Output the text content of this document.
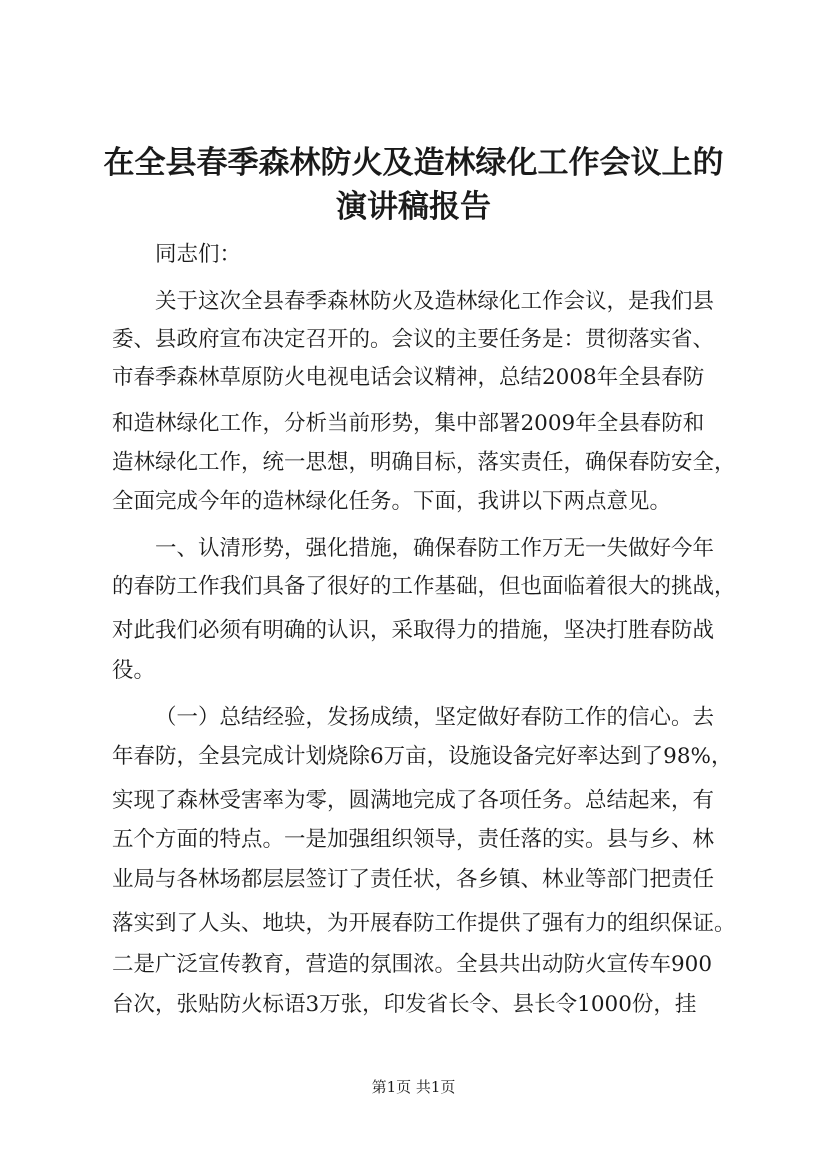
在全县春季森林防火及造林绿化工作会议上的
演讲稿报告
同志们：
关于这次全县春季森林防火及造林绿化工作会议，是我们县
委、县政府宣布决定召开的。会议的主要任务是：贯彻落实省、
市春季森林草原防火电视电话会议精神，总结2008年全县春防
和造林绿化工作，分析当前形势，集中部署2009年全县春防和
造林绿化工作，统一思想，明确目标，落实责任，确保春防安全，
全面完成今年的造林绿化任务。下面，我讲以下两点意见。
一、认清形势，强化措施，确保春防工作万无一失做好今年
的春防工作我们具备了很好的工作基础，但也面临着很大的挑战，
对此我们必须有明确的认识，采取得力的措施，坚决打胜春防战
役。
（一）总结经验，发扬成绩，坚定做好春防工作的信心。去
年春防，全县完成计划烧除6万亩，设施设备完好率达到了98%，
实现了森林受害率为零，圆满地完成了各项任务。总结起来，有
五个方面的特点。一是加强组织领导，责任落的实。县与乡、林
业局与各林场都层层签订了责任状，各乡镇、林业等部门把责任
落实到了人头、地块，为开展春防工作提供了强有力的组织保证。
二是广泛宣传教育，营造的氛围浓。全县共出动防火宣传车900
台次，张贴防火标语3万张，印发省长令、县长令1000份，挂
第1页 共1页
